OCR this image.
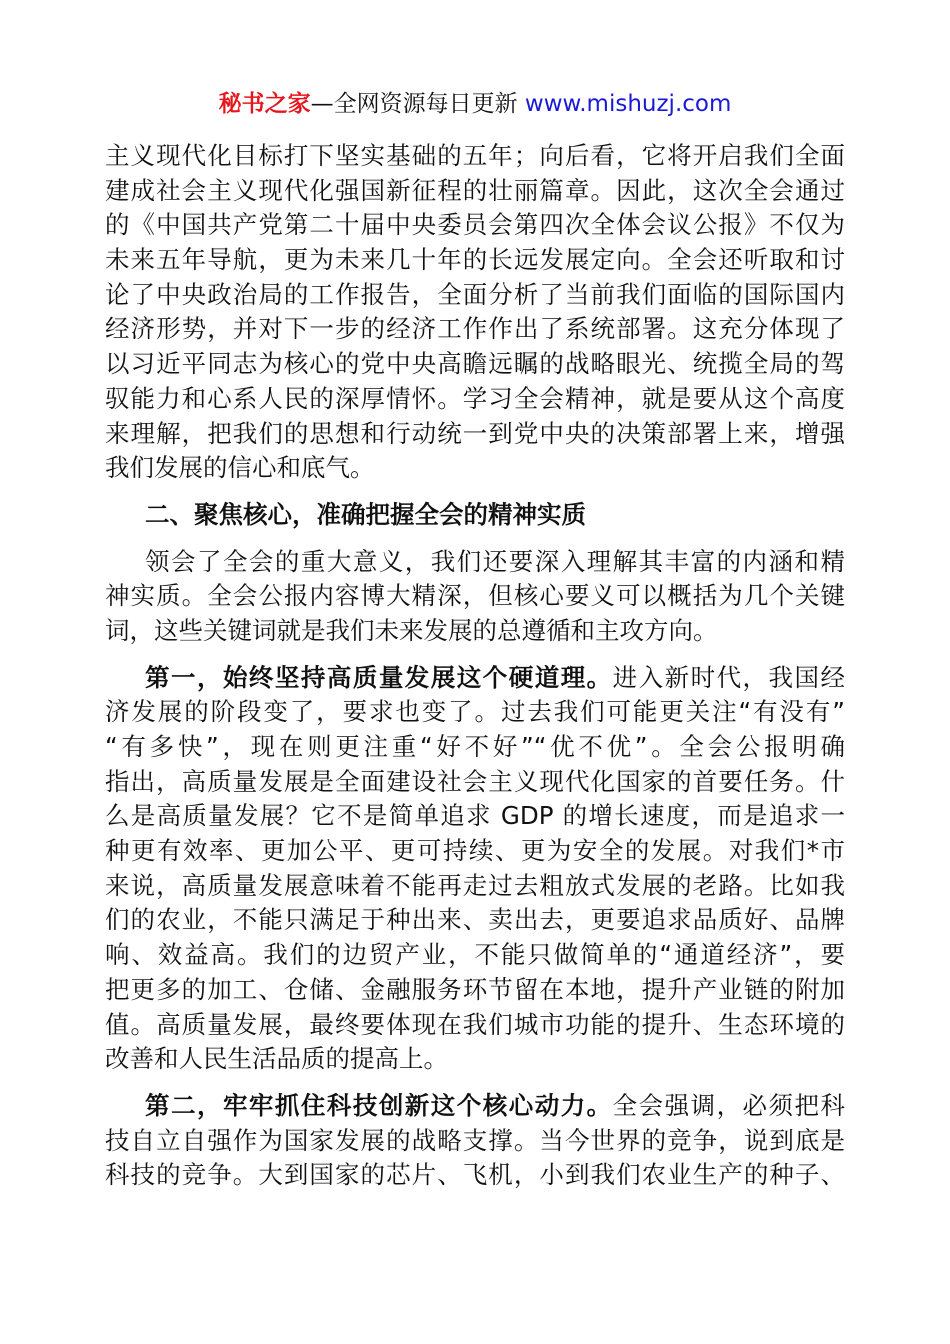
秘书之家—全网资源每日更新 www.mishuzj.com
主义现代化目标打下坚实基础的五年；向后看，它将开启我们全面
建成社会主义现代化强国新征程的壮丽篇章。因此，这次全会通过
的《中国共产党第二十届中央委员会第四次全体会议公报》不仅为
未来五年导航，更为未来几十年的长远发展定向。全会还听取和讨
论了中央政治局的工作报告，全面分析了当前我们面临的国际国内
经济形势，并对下一步的经济工作作出了系统部署。这充分体现了
以习近平同志为核心的党中央高瞻远瞩的战略眼光、统揽全局的驾
驭能力和心系人民的深厚情怀。学习全会精神，就是要从这个高度
来理解，把我们的思想和行动统一到党中央的决策部署上来，增强
我们发展的信心和底气。
二、聚焦核心，准确把握全会的精神实质
领会了全会的重大意义，我们还要深入理解其丰富的内涵和精
神实质。全会公报内容博大精深，但核心要义可以概括为几个关键
词，这些关键词就是我们未来发展的总遵循和主攻方向。
第一，始终坚持高质量发展这个硬道理。进入新时代，我国经
济发展的阶段变了，要求也变了。过去我们可能更关注“有没有”
“有多快”，现在则更注重“好不好”“优不优”。全会公报明确
指出，高质量发展是全面建设社会主义现代化国家的首要任务。什
么是高质量发展？它不是简单追求 GDP 的增长速度，而是追求一
种更有效率、更加公平、更可持续、更为安全的发展。对我们*市
来说，高质量发展意味着不能再走过去粗放式发展的老路。比如我
们的农业，不能只满足于种出来、卖出去，更要追求品质好、品牌
响、效益高。我们的边贸产业，不能只做简单的“通道经济”，要
把更多的加工、仓储、金融服务环节留在本地，提升产业链的附加
值。高质量发展，最终要体现在我们城市功能的提升、生态环境的
改善和人民生活品质的提高上。
第二，牢牢抓住科技创新这个核心动力。全会强调，必须把科
技自立自强作为国家发展的战略支撑。当今世界的竞争，说到底是
科技的竞争。大到国家的芯片、飞机，小到我们农业生产的种子、
